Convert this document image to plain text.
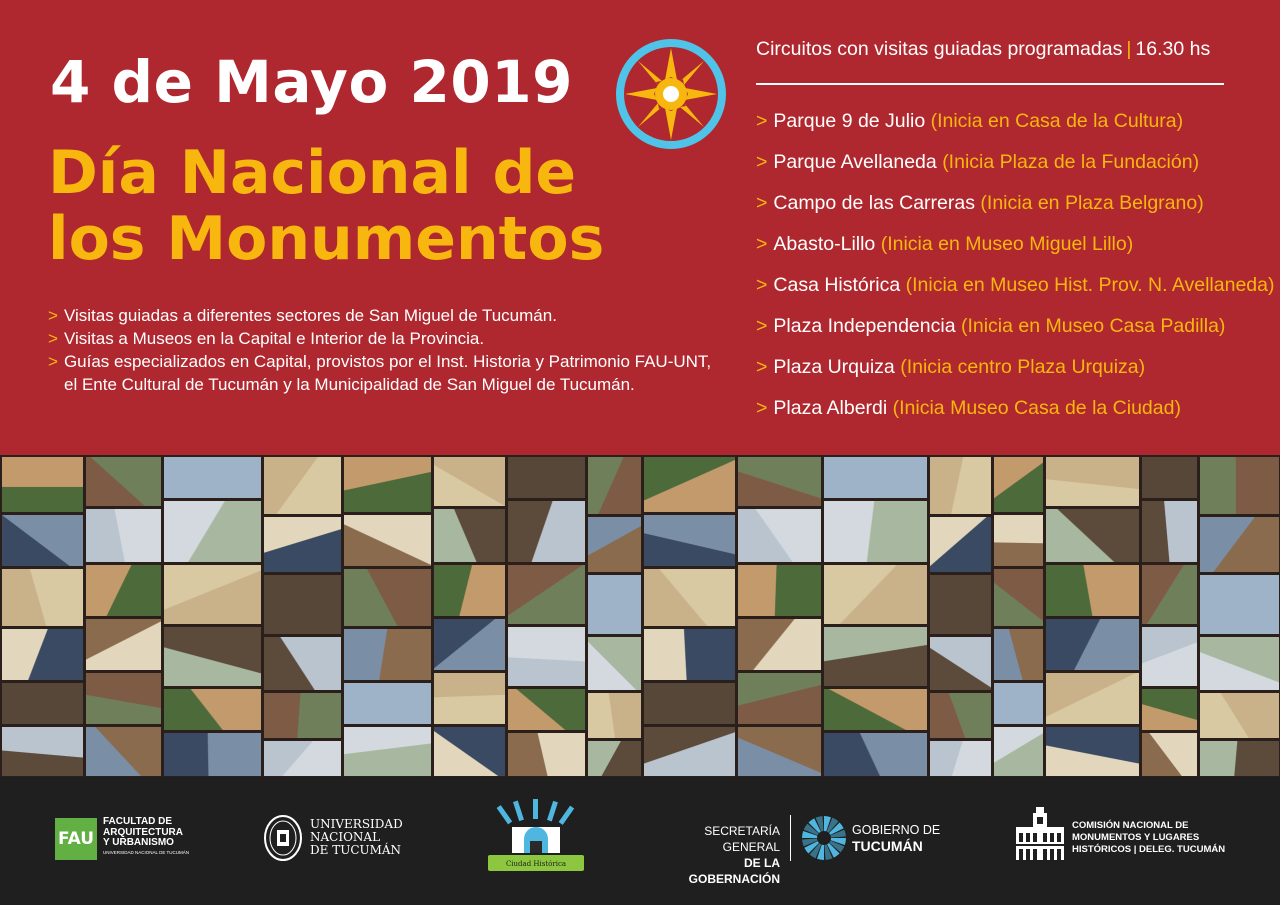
4 de Mayo 2019
Día Nacional de
los Monumentos
> Visitas guiadas a diferentes sectores de San Miguel de Tucumán.
> Visitas a Museos en la Capital e Interior de la Provincia.
> Guías especializados en Capital, provistos por el Inst. Historia y Patrimonio FAU-UNT,
el Ente Cultural de Tucumán y la Municipalidad de San Miguel de Tucumán.
Circuitos con visitas guiadas programadas | 16.30 hs
> Parque 9 de Julio (Inicia en Casa de la Cultura)
> Parque Avellaneda (Inicia Plaza de la Fundación)
> Campo de las Carreras (Inicia en Plaza Belgrano)
> Abasto-Lillo (Inicia en Museo Miguel Lillo)
> Casa Histórica (Inicia en Museo Hist. Prov. N. Avellaneda)
> Plaza Independencia (Inicia en Museo Casa Padilla)
> Plaza Urquiza (Inicia centro Plaza Urquiza)
> Plaza Alberdi (Inicia Museo Casa de la Ciudad)
FAU
FACULTAD DE
ARQUITECTURA
Y URBANISMO
UNIVERSIDAD NACIONAL DE TUCUMÁN
UNIVERSIDAD
NACIONAL
DE TUCUMÁN
Ciudad Histórica
SECRETARÍA GENERAL
DE LA GOBERNACIÓN
GOBIERNO DE
TUCUMÁN
COMISIÓN NACIONAL DE
MONUMENTOS Y LUGARES
HISTÓRICOS | DELEG. TUCUMÁN
